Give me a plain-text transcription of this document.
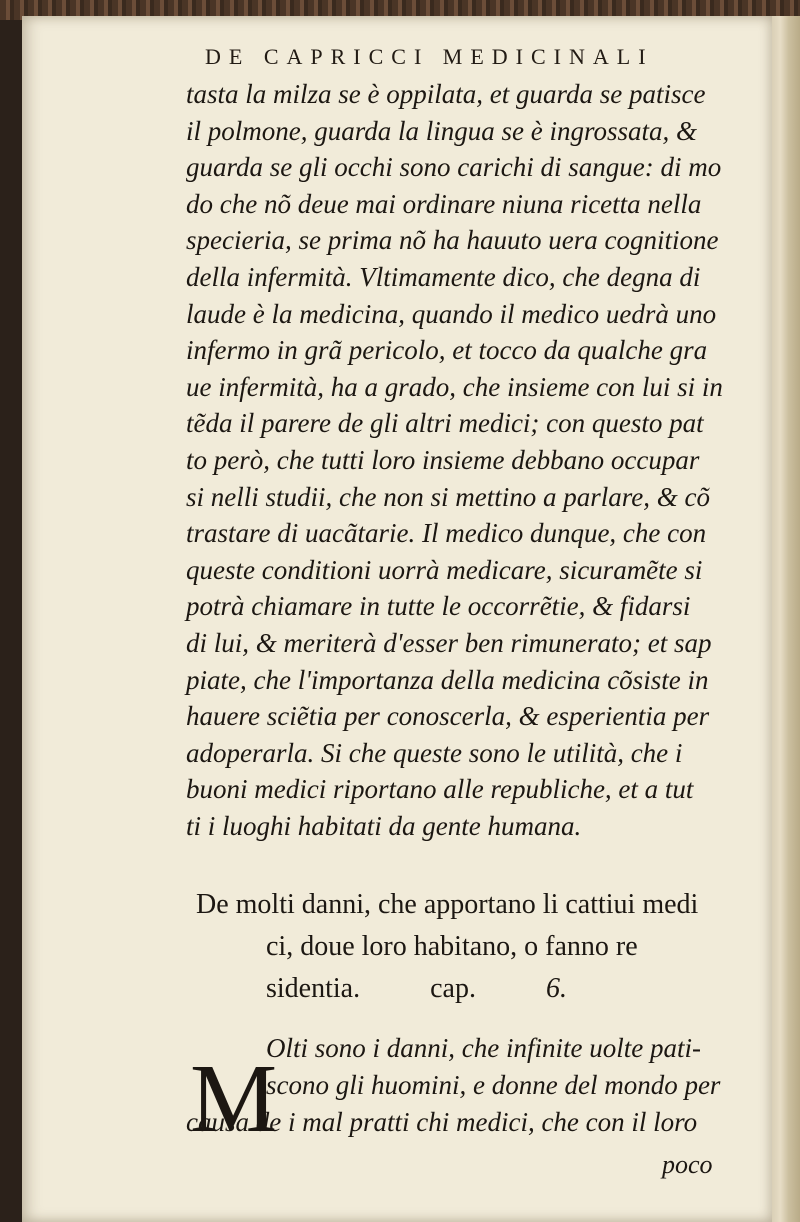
DE CAPRICCI MEDICINALI
tasta la milza se è oppilata, et guarda se patisce
il polmone, guarda la lingua se è ingrossata, &
guarda se gli occhi sono carichi di sangue: di mo
do che nõ deue mai ordinare niuna ricetta nella
specieria, se prima nõ ha hauuto uera cognitione
della infermità. Vltimamente dico, che degna di
laude è la medicina, quando il medico uedrà uno
infermo in grã pericolo, et tocco da qualche gra
ue infermità, ha a grado, che insieme con lui si in
tẽda il parere de gli altri medici; con questo pat
to però, che tutti loro insieme debbano occupar
si nelli studii, che non si mettino a parlare, & cõ
trastare di uacãtarie. Il medico dunque, che con
queste conditioni uorrà medicare, sicuramẽte si
potrà chiamare in tutte le occorrẽtie, & fidarsi
di lui, & meriterà d'esser ben rimunerato; et sap
piate, che l'importanza della medicina cõsiste in
hauere sciẽtia per conoscerla, & esperientia per
adoperarla. Si che queste sono le utilità, che i
buoni medici riportano alle republiche, et a tut
ti i luoghi habitati da gente humana.
De molti danni, che apportano li cattiui medi
ci, doue loro habitano, o fanno re
sidentia.	cap.	6.
M
Olti sono i danni, che infinite uolte pati-
scono gli huomini, e donne del mondo per
causa de i mal pratti chi medici, che con il loro
poco
